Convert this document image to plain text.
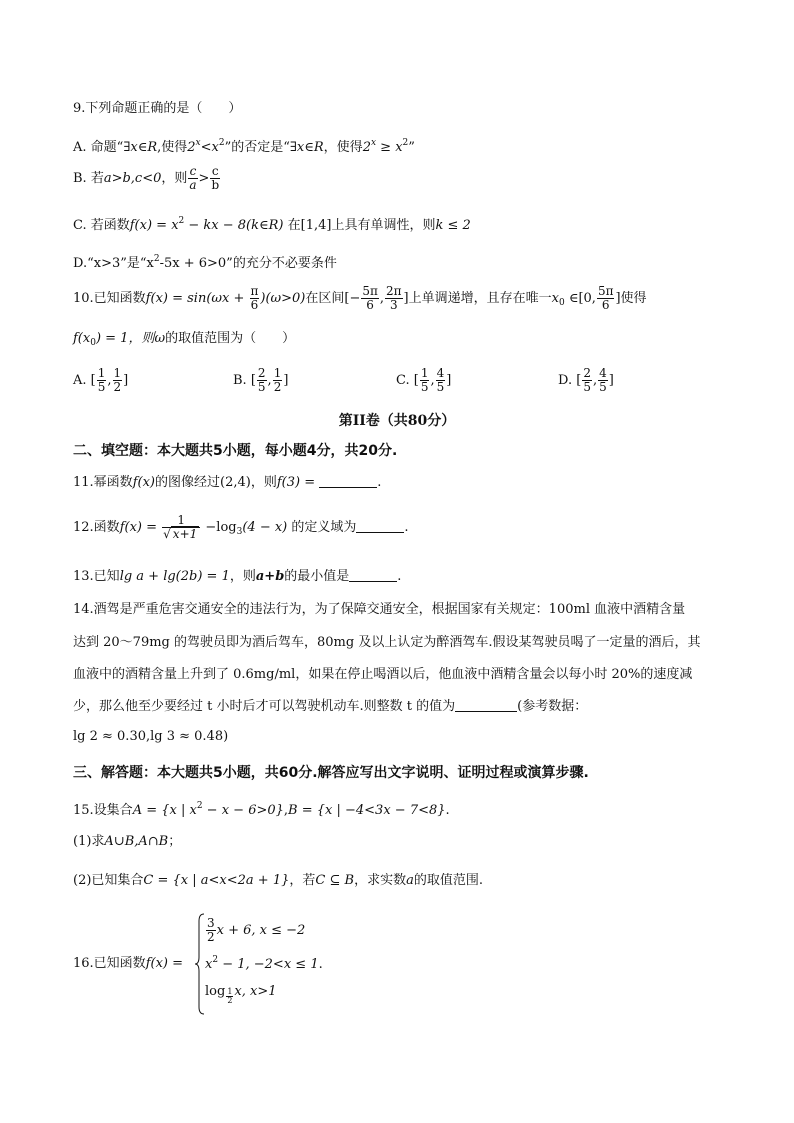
9.下列命题正确的是（　　）
A. 命题“∃x∈R,使得$2^x<x^2$”的否定是“∃x∈R，使得$2^x \ge x^2$”
B. 若a>b,c<0，则 $\frac{c}{a} > \frac{c}{b}$
C. 若函数$f(x) = x^2$ − kx − 8(k∈R) 在[1,4]上具有单调性，则k ≤ 2
D.“x>3”是“$x^2-5x + 6>0$”的充分不必要条件
10.已知函数$f(x) = \sin(\omega x + \frac{\pi}{6} )(\omega>0)$在区间[− $\frac{5\pi}{6}$ , $\frac{2\pi}{3}$ ]上单调递增，且存在唯一$x_0$ ∈[0, $\frac{5\pi}{6}$ ]使得
$f(x_0) = 1$，则ω的取值范围为（　　）
A. [ $\frac{1}{5}$ , $\frac{1}{2}$ ]	B. [ $\frac{2}{5}$ , $\frac{1}{2}$ ]	C. [ $\frac{1}{5}$ , $\frac{4}{5}$ ]	D. [ $\frac{2}{5}$ , $\frac{4}{5}$ ]
第II卷（共80分）
二、填空题：本大题共5小题，每小题4分，共20分.
11.幂函数f(x)的图像经过(2,4)，则f(3) =	.
12.函数$f(x) = \frac{1}{√ x+1} -\log_3(4 - x)$ 的定义域为	.
13.已知lg a + lg(2b) = 1，则a+b的最小值是	.
14.酒驾是严重危害交通安全的违法行为，为了保障交通安全，根据国家有关规定：100ml 血液中酒精含量
达到 20～79mg 的驾驶员即为酒后驾车，80mg 及以上认定为醉酒驾车.假设某驾驶员喝了一定量的酒后，其
血液中的酒精含量上升到了 0.6mg/ml，如果在停止喝酒以后，他血液中酒精含量会以每小时 20%的速度减
少，那么他至少要经过 t 小时后才可以驾驶机动车.则整数 t 的值为	(参考数据：
lg 2 ≈ 0.30,lg 3 ≈ 0.48)
三、解答题：本大题共5小题，共60分.解答应写出文字说明、证明过程或演算步骤.
15.设集合A = {x | $x^2 - x - 6>0\},B = \{x$ | −4<3x − 7<8}.
(1)求A∪B,A∩B；
(2)已知集合C = {x | a<x<2a + 1}，若C ⊆ B，求实数a的取值范围.
16.已知函数f(x) =
$\frac{3}{2}$ x + 6, x ≤ −2
$x^2 - 1$, −2<x ≤ 1.
$\log \frac{1}{2} x$, x>1
